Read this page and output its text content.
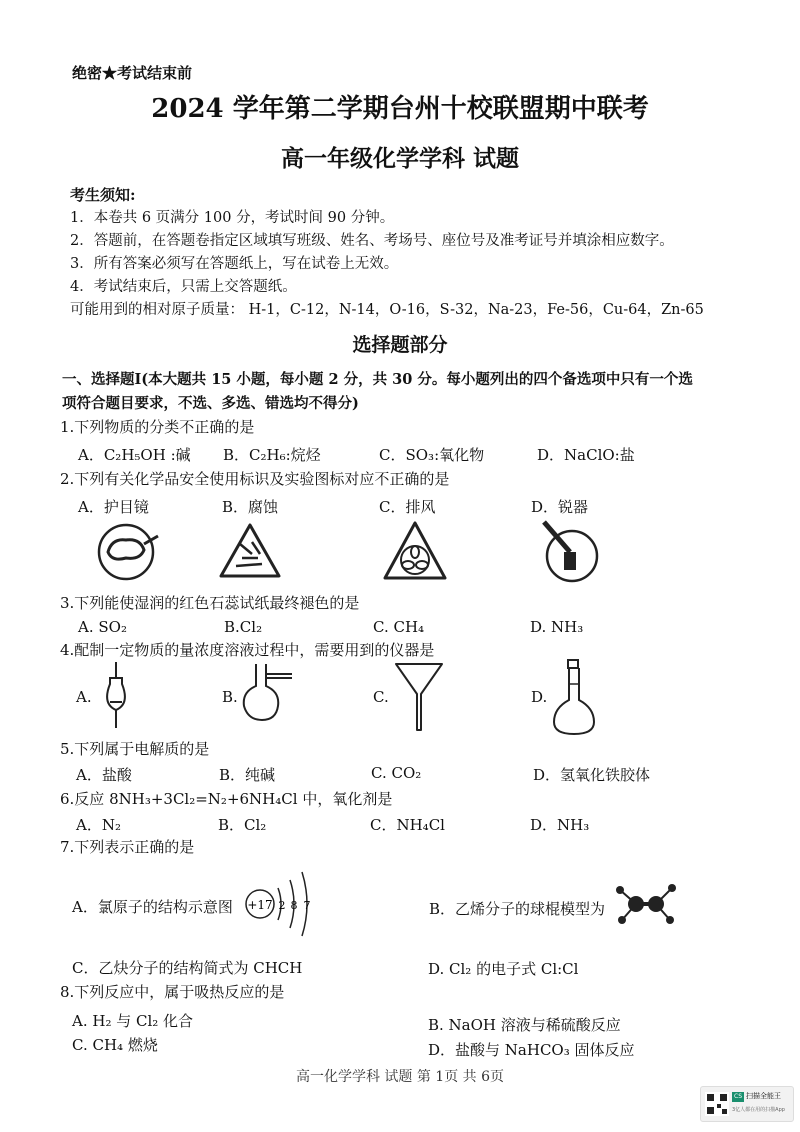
绝密★考试结束前
2024 学年第二学期台州十校联盟期中联考
高一年级化学学科 试题
考生须知:
1．本卷共 6 页满分 100 分，考试时间 90 分钟。
2．答题前，在答题卷指定区域填写班级、姓名、考场号、座位号及准考证号并填涂相应数字。
3．所有答案必须写在答题纸上，写在试卷上无效。
4．考试结束后，只需上交答题纸。
可能用到的相对原子质量： H-1，C-12，N-14，O-16，S-32，Na-23，Fe-56，Cu-64，Zn-65
选择题部分
一、选择题Ⅰ(本大题共 15 小题，每小题 2 分，共 30 分。每小题列出的四个备选项中只有一个选
项符合题目要求，不选、多选、错选均不得分)
1.下列物质的分类不正确的是
A．C₂H₅OH :碱 B．C₂H₆:烷烃	C．SO₃:氧化物	D．NaClO:盐
2.下列有关化学品安全使用标识及实验图标对应不正确的是
A．护目镜	B．腐蚀	C．排风	D．锐器
3.下列能使湿润的红色石蕊试纸最终褪色的是
A. SO₂	B.Cl₂	C. CH₄	D. NH₃
4.配制一定物质的量浓度溶液过程中，需要用到的仪器是
A.	B.	C.	D.
5.下列属于电解质的是
A．盐酸	B．纯碱	C. CO₂	D．氢氧化铁胶体
6.反应 8NH₃+3Cl₂=N₂+6NH₄Cl 中，氧化剂是
A．N₂	B．Cl₂	C．NH₄Cl	D．NH₃
7.下列表示正确的是
A．氯原子的结构示意图 +17 2 8 7	B．乙烯分子的球棍模型为
C．乙炔分子的结构简式为 CHCH	D. Cl₂ 的电子式 Cl:Cl
8.下列反应中，属于吸热反应的是
A. H₂ 与 Cl₂ 化合	B. NaOH 溶液与稀硫酸反应
C. CH₄ 燃烧	D．盐酸与 NaHCO₃ 固体反应
高一化学学科 试题 第 1页 共 6页
CS 扫描全能王
3亿人都在用的扫描App
